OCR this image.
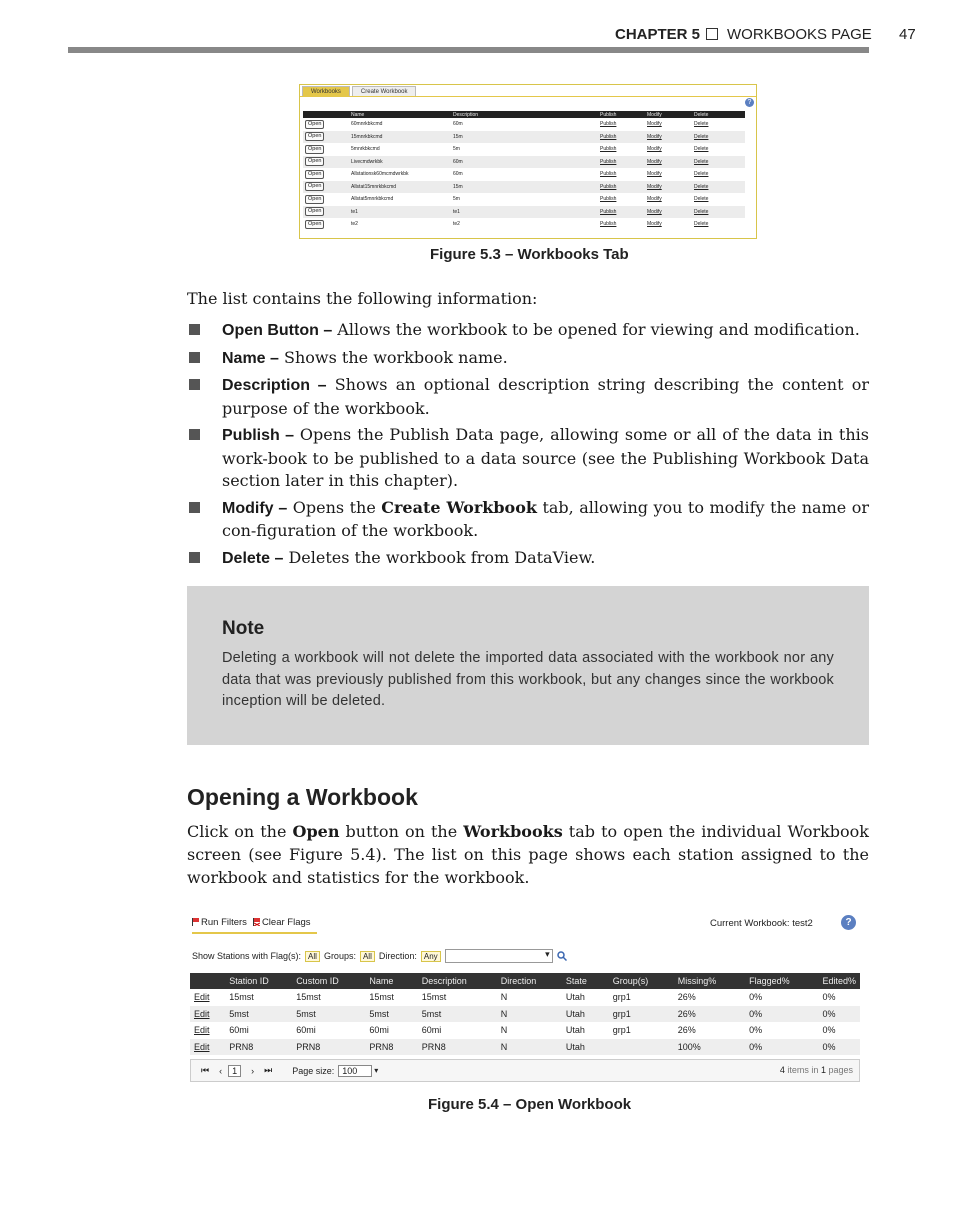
CHAPTER 5 WORKBOOKS PAGE 47
Workbooks	Create Workbook
?
	Name	Description	Publish	Modify	Delete
Open	60mnrkbkcmd	60m	Publish	Modify	Delete
Open	15mnrkbkcmd	15m	Publish	Modify	Delete
Open	5mnrkbkcmd	5m	Publish	Modify	Delete
Open	Livecmdwrkbk	60m	Publish	Modify	Delete
Open	Allstationsk60mcmdwrkbk	60m	Publish	Modify	Delete
Open	Allstat15mnrkbkcmd	15m	Publish	Modify	Delete
Open	Allstat5mnrkbkcmd	5m	Publish	Modify	Delete
Open	te1	te1	Publish	Modify	Delete
Open	te2	te2	Publish	Modify	Delete
Figure 5.3 – Workbooks Tab
The list contains the following information:
Open Button – Allows the workbook to be opened for viewing and modification.
Name – Shows the workbook name.
Description – Shows an optional description string describing the content or purpose of the workbook.
Publish – Opens the Publish Data page, allowing some or all of the data in this work-book to be published to a data source (see the Publishing Workbook Data section later in this chapter).
Modify – Opens the Create Workbook tab, allowing you to modify the name or con-figuration of the workbook.
Delete – Deletes the workbook from DataView.
Note
Deleting a workbook will not delete the imported data associated with the workbook nor any data that was previously published from this workbook, but any changes since the workbook inception will be deleted.
Opening a Workbook
Click on the Open button on the Workbooks tab to open the individual Workbook screen (see Figure 5.4). The list on this page shows each station assigned to the workbook and statistics for the workbook.
Run Filters Clear Flags	Current Workbook: test2	?
Show Stations with Flag(s): All Groups: All Direction: Any
▾
	Station ID	Custom ID	Name	Description	Direction	State	Group(s)	Missing%	Flagged%	Edited%
Edit	15mst	15mst	15mst	15mst	N	Utah	grp1	26%	0%	0%
Edit	5mst	5mst	5mst	5mst	N	Utah	grp1	26%	0%	0%
Edit	60mi	60mi	60mi	60mi	N	Utah	grp1	26%	0%	0%
Edit	PRN8	PRN8	PRN8	PRN8	N	Utah		100%	0%	0%
⏮ ‹	1	› ⏭ Page size: 100	▾	4 items in 1 pages
Figure 5.4 – Open Workbook
